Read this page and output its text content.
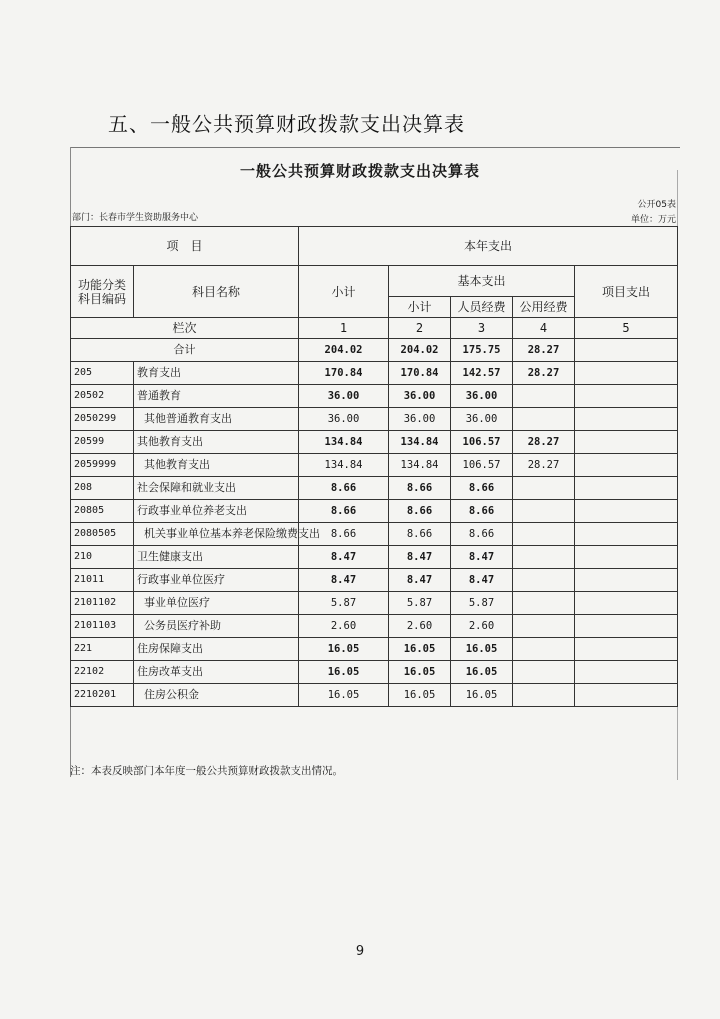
五、一般公共预算财政拨款支出决算表
一般公共预算财政拨款支出决算表
公开05表
单位：万元
部门：长春市学生资助服务中心
项　目		本年支出				
功能分类科目编码	科目名称	小计	基本支出			项目支出
			小计	人员经费	公用经费	
栏次		1	2	3	4	5
合计		204.02	204.02	175.75	28.27	
205	教育支出	170.84	170.84	142.57	28.27	
20502	普通教育	36.00	36.00	36.00		
2050299	其他普通教育支出	36.00	36.00	36.00		
20599	其他教育支出	134.84	134.84	106.57	28.27	
2059999	其他教育支出	134.84	134.84	106.57	28.27	
208	社会保障和就业支出	8.66	8.66	8.66		
20805	行政事业单位养老支出	8.66	8.66	8.66		
2080505	机关事业单位基本养老保险缴费支出	8.66	8.66	8.66		
210	卫生健康支出	8.47	8.47	8.47		
21011	行政事业单位医疗	8.47	8.47	8.47		
2101102	事业单位医疗	5.87	5.87	5.87		
2101103	公务员医疗补助	2.60	2.60	2.60		
221	住房保障支出	16.05	16.05	16.05		
22102	住房改革支出	16.05	16.05	16.05		
2210201	住房公积金	16.05	16.05	16.05		
注：本表反映部门本年度一般公共预算财政拨款支出情况。
9
